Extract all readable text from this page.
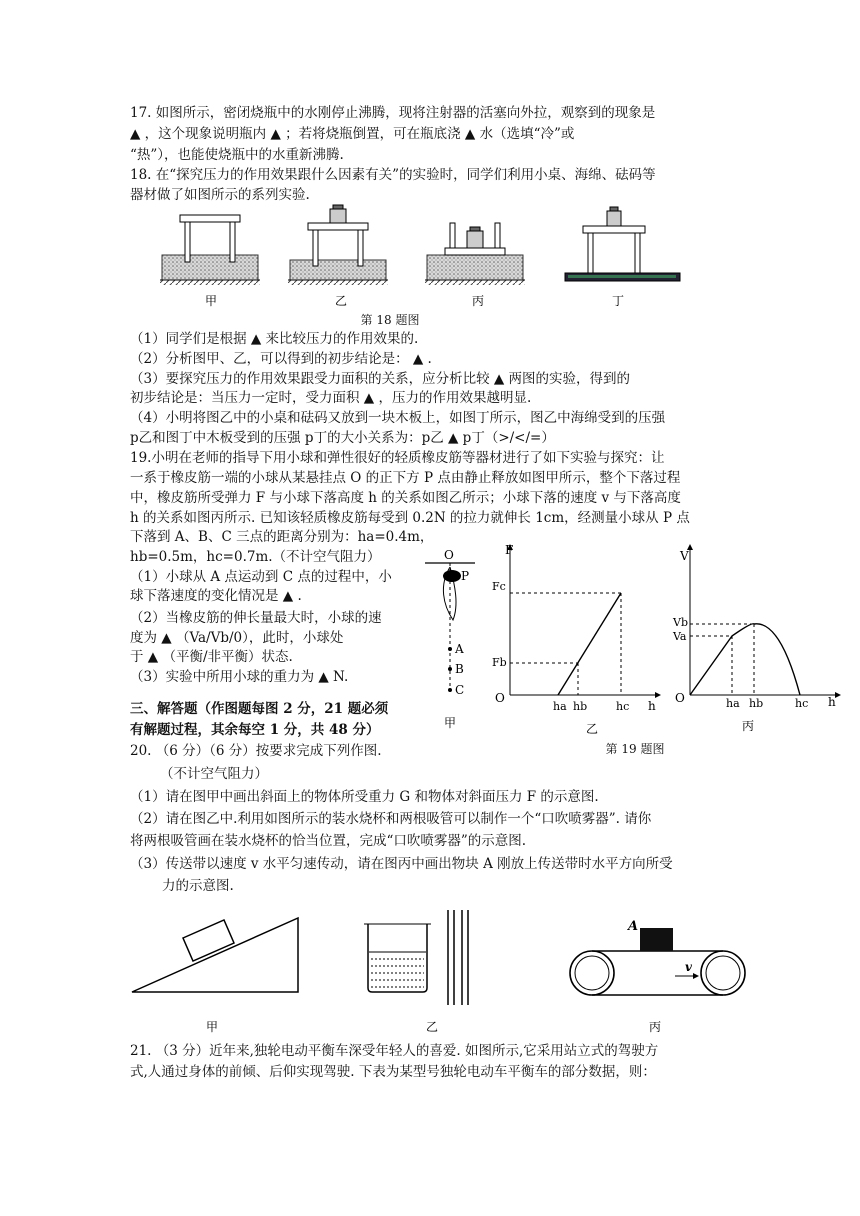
17. 如图所示，密闭烧瓶中的水刚停止沸腾，现将注射器的活塞向外拉，观察到的现象是
▲ ，这个现象说明瓶内 ▲ ；若将烧瓶倒置，可在瓶底浇 ▲ 水（选填“冷”或
“热”），也能使烧瓶中的水重新沸腾.
18. 在“探究压力的作用效果跟什么因素有关”的实验时，同学们利用小桌、海绵、砝码等
器材做了如图所示的系列实验.
甲	乙	丙	丁
第 18 题图
（1）同学们是根据 ▲ 来比较压力的作用效果的.
（2）分析图甲、乙，可以得到的初步结论是： ▲ .
（3）要探究压力的作用效果跟受力面积的关系，应分析比较 ▲ 两图的实验，得到的
初步结论是：当压力一定时，受力面积 ▲ ，压力的作用效果越明显.
（4）小明将图乙中的小桌和砝码又放到一块木板上，如图丁所示，图乙中海绵受到的压强
p乙和图丁中木板受到的压强 p丁的大小关系为：p乙 ▲ p丁（>/</=）
19.小明在老师的指导下用小球和弹性很好的轻质橡皮筋等器材进行了如下实验与探究：让
一系于橡皮筋一端的小球从某悬挂点 O 的正下方 P 点由静止释放如图甲所示，整个下落过程
中，橡皮筋所受弹力 F 与小球下落高度 h 的关系如图乙所示；小球下落的速度 v 与下落高度
h 的关系如图丙所示. 已知该轻质橡皮筋每受到 0.2N 的拉力就伸长 1cm，经测量小球从 P 点
下落到 A、B、C 三点的距离分别为：ha=0.4m，
hb=0.5m，hc=0.7m.（不计空气阻力）
（1）小球从 A 点运动到 C 点的过程中，小
球下落速度的变化情况是 ▲ .
（2）当橡皮筋的伸长量最大时，小球的速
度为 ▲ （Va/Vb/0），此时，小球处
于 ▲ （平衡/非平衡）状态.
（3）实验中所用小球的重力为 ▲ N.
O
P
A
B
C
甲
F
h
O
Fc
Fb
ha hb	hc
乙
V
h
O
Vb
Va
ha hb	hc
丙
第 19 题图
三、解答题（作图题每图 2 分，21 题必须
有解题过程，其余每空 1 分，共 48 分）
20. （6 分）（6 分）按要求完成下列作图.
（不计空气阻力）
（1）请在图甲中画出斜面上的物体所受重力 G 和物体对斜面压力 F 的示意图.
（2）请在图乙中.利用如图所示的装水烧杯和两根吸管可以制作一个“口吹喷雾器”. 请你
将两根吸管画在装水烧杯的恰当位置，完成“口吹喷雾器”的示意图.
（3）传送带以速度 v 水平匀速传动，请在图丙中画出物块 A 刚放上传送带时水平方向所受
力的示意图.
甲	乙
A
v
丙
21. （3 分）近年来,独轮电动平衡车深受年轻人的喜爱. 如图所示,它采用站立式的驾驶方
式,人通过身体的前倾、后仰实现驾驶. 下表为某型号独轮电动车平衡车的部分数据，则：
